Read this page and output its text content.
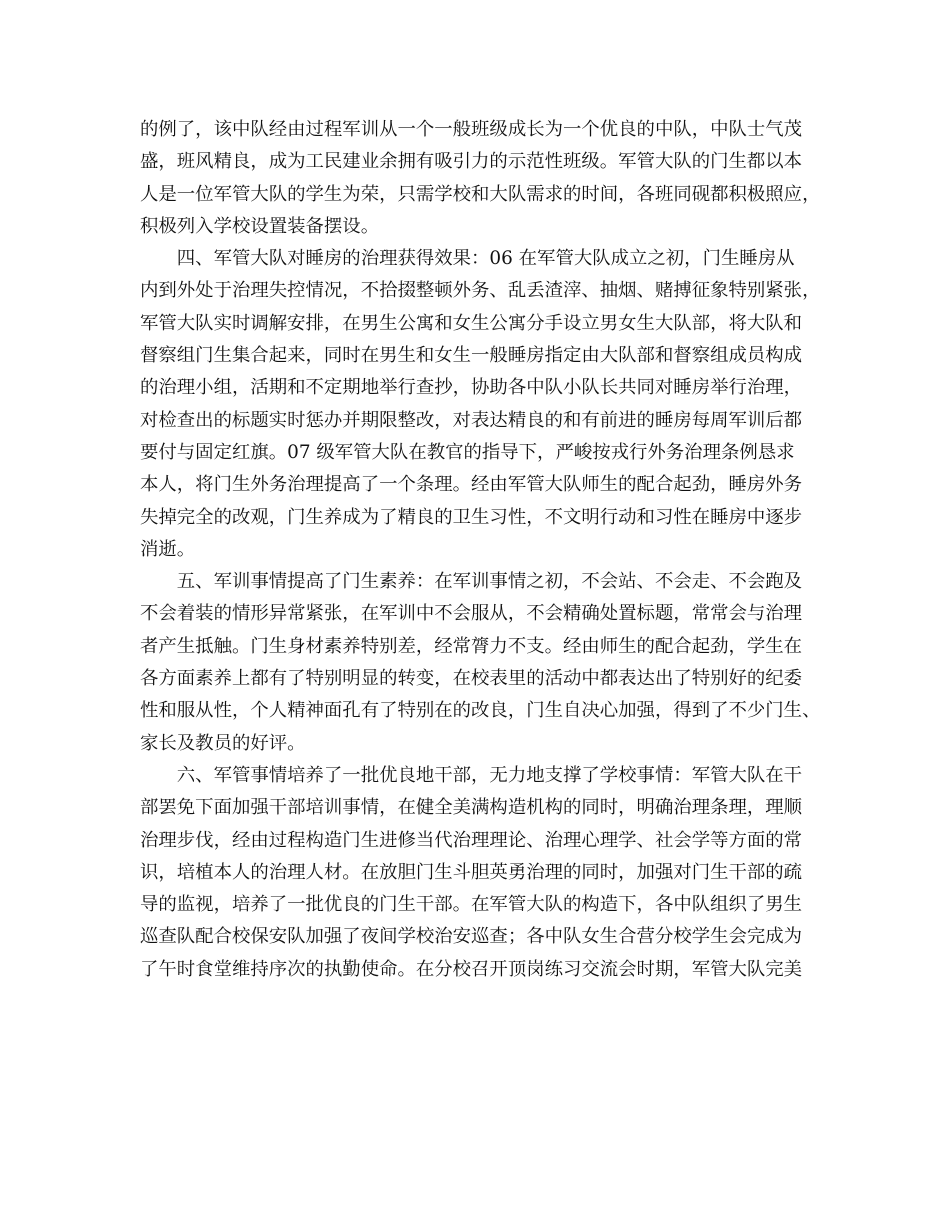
的例了，该中队经由过程军训从一个一般班级成长为一个优良的中队，中队士气茂
盛，班风精良，成为工民建业余拥有吸引力的示范性班级。军管大队的门生都以本
人是一位军管大队的学生为荣，只需学校和大队需求的时间，各班同砚都积极照应，
积极列入学校设置装备摆设。
　　四、军管大队对睡房的治理获得效果：06 在军管大队成立之初，门生睡房从
内到外处于治理失控情况，不拾掇整顿外务、乱丢渣滓、抽烟、赌搏征象特别紧张，
军管大队实时调解安排，在男生公寓和女生公寓分手设立男女生大队部，将大队和
督察组门生集合起来，同时在男生和女生一般睡房指定由大队部和督察组成员构成
的治理小组，活期和不定期地举行查抄，协助各中队小队长共同对睡房举行治理，
对检查出的标题实时惩办并期限整改，对表达精良的和有前进的睡房每周军训后都
要付与固定红旗。07 级军管大队在教官的指导下，严峻按戎行外务治理条例恳求
本人，将门生外务治理提高了一个条理。经由军管大队师生的配合起劲，睡房外务
失掉完全的改观，门生养成为了精良的卫生习性，不文明行动和习性在睡房中逐步
消逝。
　　五、军训事情提高了门生素养：在军训事情之初，不会站、不会走、不会跑及
不会着装的情形异常紧张，在军训中不会服从，不会精确处置标题，常常会与治理
者产生抵触。门生身材素养特别差，经常膂力不支。经由师生的配合起劲，学生在
各方面素养上都有了特别明显的转变，在校表里的活动中都表达出了特别好的纪委
性和服从性，个人精神面孔有了特别在的改良，门生自决心加强，得到了不少门生、
家长及教员的好评。
　　六、军管事情培养了一批优良地干部，无力地支撑了学校事情：军管大队在干
部罢免下面加强干部培训事情，在健全美满构造机构的同时，明确治理条理，理顺
治理步伐，经由过程构造门生进修当代治理理论、治理心理学、社会学等方面的常
识，培植本人的治理人材。在放胆门生斗胆英勇治理的同时，加强对门生干部的疏
导的监视，培养了一批优良的门生干部。在军管大队的构造下，各中队组织了男生
巡查队配合校保安队加强了夜间学校治安巡查；各中队女生合营分校学生会完成为
了午时食堂维持序次的执勤使命。在分校召开顶岗练习交流会时期，军管大队完美
